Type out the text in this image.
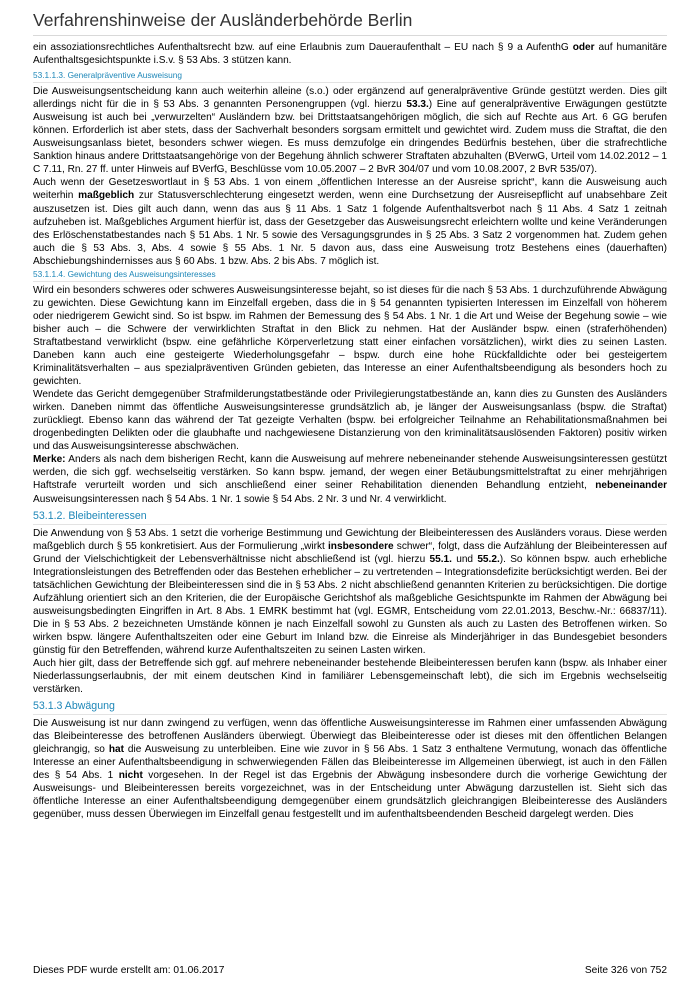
Verfahrenshinweise der Ausländerbehörde Berlin

ein assoziationsrechtliches Aufenthaltsrecht bzw. auf eine Erlaubnis zum Daueraufenthalt – EU nach § 9 a AufenthG oder auf humanitäre Aufenthaltsgesichtspunkte i.S.v. § 53 Abs. 3 stützen kann.

53.1.1.3. Generalpräventive Ausweisung

Die Ausweisungsentscheidung kann auch weiterhin alleine (s.o.) oder ergänzend auf generalpräventive Gründe gestützt werden. Dies gilt allerdings nicht für die in § 53 Abs. 3 genannten Personengruppen (vgl. hierzu 53.3.) Eine auf generalpräventive Erwägungen gestützte Ausweisung ist auch bei „verwurzelten“ Ausländern bzw. bei Drittstaatsangehörigen möglich, die sich auf Rechte aus Art. 6 GG berufen können. Erforderlich ist aber stets, dass der Sachverhalt besonders sorgsam ermittelt und gewichtet wird. Zudem muss die Straftat, die den Ausweisungsanlass bietet, besonders schwer wiegen. Es muss demzufolge ein dringendes Bedürfnis bestehen, über die strafrechtliche Sanktion hinaus andere Drittstaatsangehörige von der Begehung ähnlich schwerer Straftaten abzuhalten (BVerwG, Urteil vom 14.02.2012 – 1 C 7.11, Rn. 27 ff. unter Hinweis auf BVerfG, Beschlüsse vom 10.05.2007 – 2 BvR 304/07 und vom 10.08.2007, 2 BvR 535/07).

Auch wenn der Gesetzeswortlaut in § 53 Abs. 1 von einem „öffentlichen Interesse an der Ausreise spricht“, kann die Ausweisung auch weiterhin maßgeblich zur Statusverschlechterung eingesetzt werden, wenn eine Durchsetzung der Ausreisepflicht auf unabsehbare Zeit auszusetzen ist. Dies gilt auch dann, wenn das aus § 11 Abs. 1 Satz 1 folgende Aufenthaltsverbot nach § 11 Abs. 4 Satz 1 zeitnah aufzuheben ist. Maßgebliches Argument hierfür ist, dass der Gesetzgeber das Ausweisungsrecht erleichtern wollte und keine Veränderungen des Erlöschenstatbestandes nach § 51 Abs. 1 Nr. 5 sowie des Versagungsgrundes in § 25 Abs. 3 Satz 2 vorgenommen hat. Zudem gehen auch die § 53 Abs. 3, Abs. 4 sowie § 55 Abs. 1 Nr. 5 davon aus, dass eine Ausweisung trotz Bestehens eines (dauerhaften) Abschiebungshindernisses aus § 60 Abs. 1 bzw. Abs. 2 bis Abs. 7 möglich ist.

53.1.1.4. Gewichtung des Ausweisungsinteresses

Wird ein besonders schweres oder schweres Ausweisungsinteresse bejaht, so ist dieses für die nach § 53 Abs. 1 durchzuführende Abwägung zu gewichten. Diese Gewichtung kann im Einzelfall ergeben, dass die in § 54 genannten typisierten Interessen im Einzelfall von höherem oder niedrigerem Gewicht sind. So ist bspw. im Rahmen der Bemessung des § 54 Abs. 1 Nr. 1 die Art und Weise der Begehung sowie – wie bisher auch – die Schwere der verwirklichten Straftat in den Blick zu nehmen. Hat der Ausländer bspw. einen (straferhöhenden) Straftatbestand verwirklicht (bspw. eine gefährliche Körperverletzung statt einer einfachen vorsätzlichen), wirkt dies zu seinen Lasten. Daneben kann auch eine gesteigerte Wiederholungsgefahr – bspw. durch eine hohe Rückfalldichte oder bei gesteigertem Kriminalitätsverhalten – aus spezialpräventiven Gründen gebieten, das Interesse an einer Aufenthaltsbeendigung als besonders hoch zu gewichten.

Wendete das Gericht demgegenüber Strafmilderungstatbestände oder Privilegierungstatbestände an, kann dies zu Gunsten des Ausländers wirken. Daneben nimmt das öffentliche Ausweisungsinteresse grundsätzlich ab, je länger der Ausweisungsanlass (bspw. die Straftat) zurückliegt. Ebenso kann das während der Tat gezeigte Verhalten (bspw. bei erfolgreicher Teilnahme an Rehabilitationsmaßnahmen bei drogenbedingten Delikten oder die glaubhafte und nachgewiesene Distanzierung von den kriminalitätsauslösenden Faktoren) positiv wirken und das Ausweisungsinteresse abschwächen.

Merke: Anders als nach dem bisherigen Recht, kann die Ausweisung auf mehrere nebeneinander stehende Ausweisungsinteressen gestützt werden, die sich ggf. wechselseitig verstärken. So kann bspw. jemand, der wegen einer Betäubungsmittelstraftat zu einer mehrjährigen Haftstrafe verurteilt worden und sich anschließend einer seiner Rehabilitation dienenden Behandlung entzieht, nebeneinander Ausweisungsinteressen nach § 54 Abs. 1 Nr. 1 sowie § 54 Abs. 2 Nr. 3 und Nr. 4 verwirklicht.

53.1.2. Bleibeinteressen

Die Anwendung von § 53 Abs. 1 setzt die vorherige Bestimmung und Gewichtung der Bleibeinteressen des Ausländers voraus. Diese werden maßgeblich durch § 55 konkretisiert. Aus der Formulierung „wirkt insbesondere schwer“, folgt, dass die Aufzählung der Bleibeinteressen auf Grund der Vielschichtigkeit der Lebensverhältnisse nicht abschließend ist (vgl. hierzu 55.1. und 55.2.). So können bspw. auch erhebliche Integrationsleistungen des Betreffenden oder das Bestehen erheblicher – zu vertretenden – Integrationsdefizite berücksichtigt werden. Bei der tatsächlichen Gewichtung der Bleibeinteressen sind die in § 53 Abs. 2 nicht abschließend genannten Kriterien zu berücksichtigen. Die dortige Aufzählung orientiert sich an den Kriterien, die der Europäische Gerichtshof als maßgebliche Gesichtspunkte im Rahmen der Abwägung bei ausweisungsbedingten Eingriffen in Art. 8 Abs. 1 EMRK bestimmt hat (vgl. EGMR, Entscheidung vom 22.01.2013, Beschw.-Nr.: 66837/11). Die in § 53 Abs. 2 bezeichneten Umstände können je nach Einzelfall sowohl zu Gunsten als auch zu Lasten des Betroffenen wirken. So wirken bspw. längere Aufenthaltszeiten oder eine Geburt im Inland bzw. die Einreise als Minderjähriger in das Bundesgebiet besonders günstig für den Betreffenden, während kurze Aufenthaltszeiten zu seinen Lasten wirken.

Auch hier gilt, dass der Betreffende sich ggf. auf mehrere nebeneinander bestehende Bleibeinteressen berufen kann (bspw. als Inhaber einer Niederlassungserlaubnis, der mit einem deutschen Kind in familiärer Lebensgemeinschaft lebt), die sich im Ergebnis wechselseitig verstärken.

53.1.3 Abwägung

Die Ausweisung ist nur dann zwingend zu verfügen, wenn das öffentliche Ausweisungsinteresse im Rahmen einer umfassenden Abwägung das Bleibeinteresse des betroffenen Ausländers überwiegt. Überwiegt das Bleibeinteresse oder ist dieses mit den öffentlichen Belangen gleichrangig, so hat die Ausweisung zu unterbleiben. Eine wie zuvor in § 56 Abs. 1 Satz 3 enthaltene Vermutung, wonach das öffentliche Interesse an einer Aufenthaltsbeendigung in schwerwiegenden Fällen das Bleibeinteresse im Allgemeinen überwiegt, ist auch in den Fällen des § 54 Abs. 1 nicht vorgesehen. In der Regel ist das Ergebnis der Abwägung insbesondere durch die vorherige Gewichtung der Ausweisungs- und Bleibeinteressen bereits vorgezeichnet, was in der Entscheidung unter Abwägung darzustellen ist. Sieht sich das öffentliche Interesse an einer Aufenthaltsbeendigung demgegenüber einem grundsätzlich gleichrangigen Bleibeinteresse des Ausländers gegenüber, muss dessen Überwiegen im Einzelfall genau festgestellt und im aufenthaltsbeendenden Bescheid dargelegt werden. Dies

Dieses PDF wurde erstellt am: 01.06.2017	Seite 326 von 752
